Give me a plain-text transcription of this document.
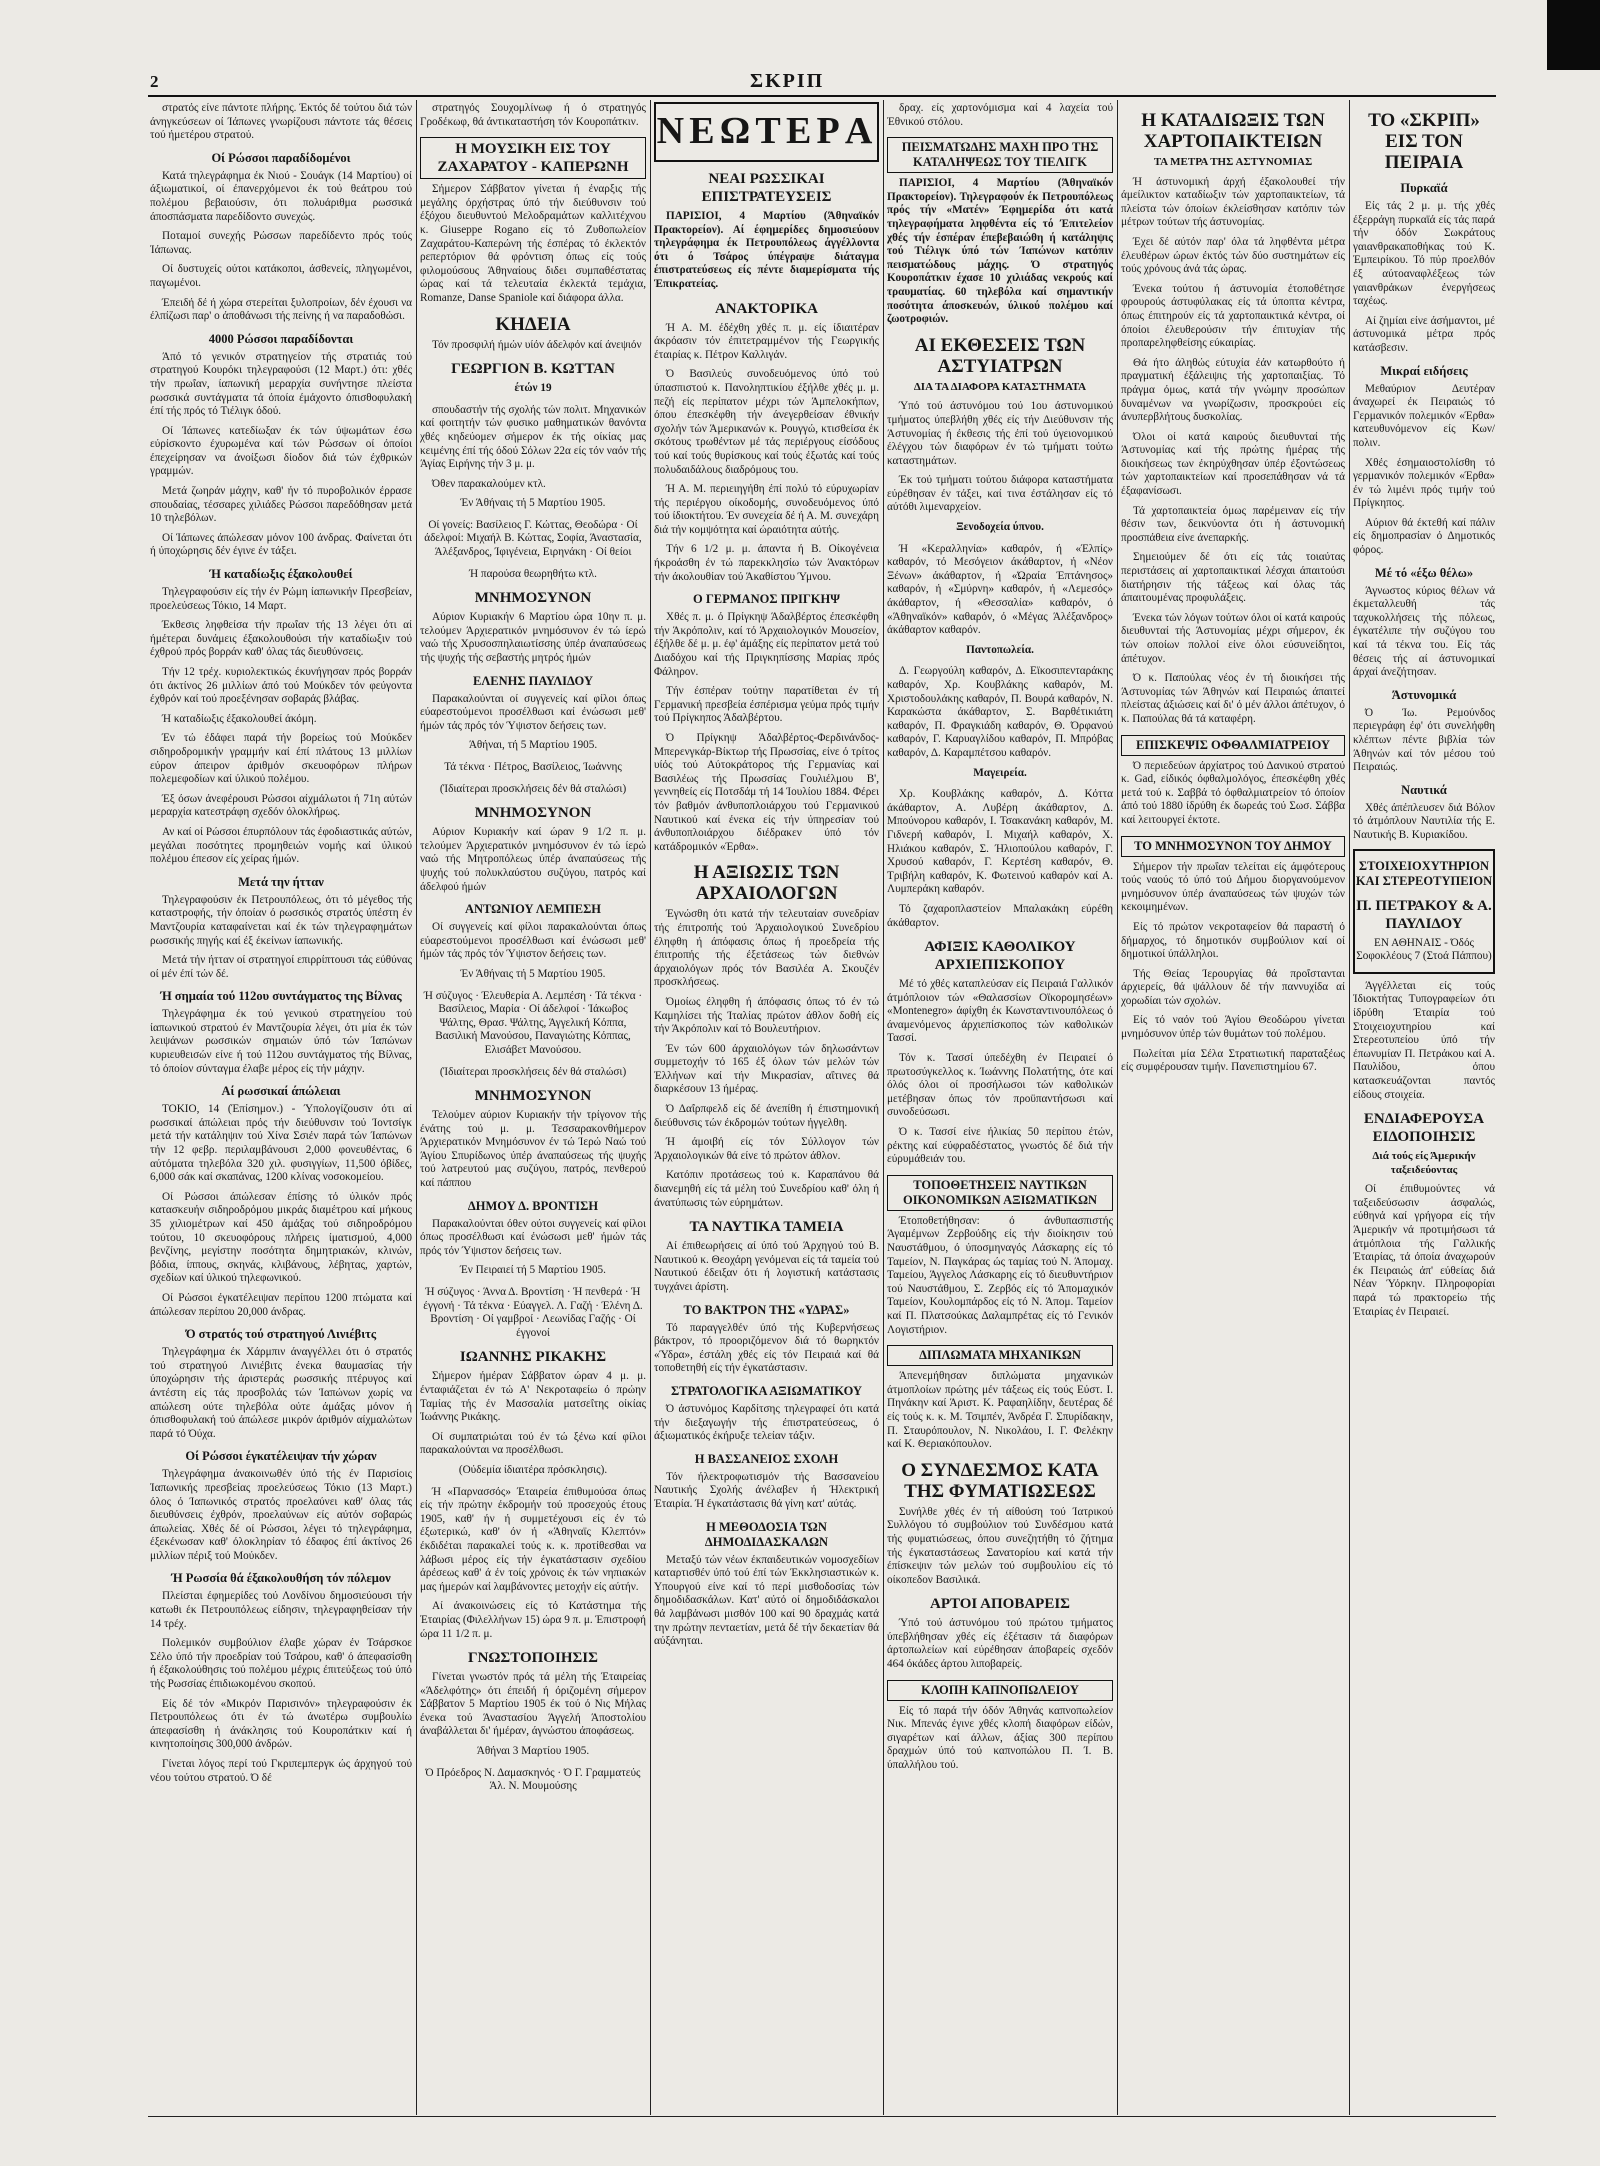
2	ΣΚΡΙΠ

στρατός είνε πάντοτε πλήρης. Έκτός δέ τούτου διά τών άνηγκεύσεων οί Ίάπωνες γνωρίζουσι πάντοτε τάς θέσεις τού ήμετέρου στρατού.

Οί Ρώσσοι παραδίδομένοι

Κατά τηλεγράφημα έκ Νιού - Σουάγκ (14 Μαρτίου) οί άξιωματικοί, οί έπανερχόμενοι έκ τού θεάτρου τού πολέμου βεβαιούσιν, ότι πολυάριθμα ρωσσικά άποσπάσματα παρεδίδοντο συνεχώς.

Ποταμοί συνεχής Ρώσσων παρεδίδεντο πρός τούς Ίάπωνας.

Οί δυστυχείς ούτοι κατάκοποι, άσθενείς, πληγωμένοι, παγωμένοι.

Έπειδή δέ ή χώρα στερείται ξυλοπροίων, δέν έχουσι να έλπίζωσι παρ' ο άποθάνωσι τής πείνης ή να παραδοθώσι.

4000 Ρώσσοι παραδίδονται

Άπό τό γενικόν στρατηγείον τής στρατιάς τού στρατηγού Κουρόκι τηλεγραφούσι (12 Μαρτ.) ότι: χθές τήν πρωΐαν, ίαπωνική μεραρχία συνήντησε πλείστα ρωσσικά συντάγματα τά όποία έμάχοντο όπισθοφυλακή έπί τής πρός τό Τιέλιγκ όδού.

Οί Ίάπωνες κατεδίωξαν έκ τών ύψωμάτων έσω εύρίσκοντο έχυρωμένα καί τών Ρώσσων οί όποίοι έπεχείρησαν να άνοίξωσι δίοδον διά τών έχθρικών γραμμών.

Μετά ζωηράν μάχην, καθ' ήν τό πυροβολικόν έρρασε σπουδαίας, τέσσαρες χιλιάδες Ρώσσοι παρεδόθησαν μετά 10 τηλεβόλων.

Οί Ίάπωνες άπώλεσαν μόνον 100 άνδρας. Φαίνεται ότι ή ύποχώρησις δέν έγινε έν τάξει.

Ή καταδίωξις έξακολουθεί

Τηλεγραφούσιν είς τήν έν Ρώμη ίαπωνικήν Πρεσβείαν, προελεύσεως Τόκιο, 14 Μαρτ.

Έκθεσις ληφθείσα τήν πρωΐαν τής 13 λέγει ότι αί ήμέτεραι δυνάμεις έξακολουθούσι τήν καταδίωξιν τού έχθρού πρός βορράν καθ' όλας τάς διευθύνσεις.

Τήν 12 τρέχ. κυριολεκτικώς έκυνήγησαν πρός βορράν ότι άκτίνος 26 μιλλίων άπό τού Μούκδεν τόν φεύγοντα έχθρόν καί τού προεξένησαν σοβαράς βλάβας.

Ή καταδίωξις έξακολουθεί άκόμη.

Έν τώ έδάφει παρά τήν βορείως τού Μούκδεν σιδηροδρομικήν γραμμήν καί έπί πλάτους 13 μιλλίων εύρον άπειρον άριθμόν σκευοφόρων πλήρων πολεμεφοδίων καί ύλικού πολέμου.

Έξ όσων άνεφέρουσι Ρώσσοι αίχμάλωτοι ή 71η αύτών μεραρχία κατεστράφη σχεδόν όλοκλήρως.

Αν καί οί Ρώσσοι έπυρπόλουν τάς έφοδιαστικάς αύτών, μεγάλαι ποσότητες προμηθειών νομής καί ύλικού πολέμου έπεσον είς χείρας ήμών.

Μετά την ήτταν

Τηλεγραφούσιν έκ Πετρουπόλεως, ότι τό μέγεθος τής καταστροφής, τήν όποίαν ό ρωσσικός στρατός ύπέστη έν Μαντζουρία καταφαίνεται καί έκ τών τηλεγραφημάτων ρωσσικής πηγής καί έξ έκείνων ίαπωνικής.

Μετά τήν ήτταν οί στρατηγοί επιρρίπτουσι τάς εύθύνας οί μέν έπί τών δέ.

Ή σημαία τού 112ου συντάγματος της Βίλνας

Τηλεγράφημα έκ τού γενικού στρατηγείου τού ίαπωνικού στρατού έν Μαντζουρία λέγει, ότι μία έκ τών λειψάνων ρωσσικών σημαιών ύπό τών Ίαπώνων κυριευθεισών είνε ή τού 112ου συντάγματος τής Βίλνας, τό όποίον σύνταγμα έλαβε μέρος είς τήν μάχην.

Αί ρωσσικαί άπώλειαι

ΤΟΚΙΟ, 14 (Έπίσημον.) - Ύπολογίζουσιν ότι αί ρωσσικαί άπώλειαι πρός τήν διεύθυνσιν τού Ίοντσίγκ μετά τήν κατάληψιν τού Χίνα Σσιέν παρά τών Ίαπώνων τήν 12 φεβρ. περιλαμβάνουσι 2,000 φονευθέντας, 6 αύτόματα τηλεβόλα 320 χιλ. φυσιγγίων, 11,500 όβίδες, 6,000 σάκ καί σκαπάνας, 1200 κλίνας νοσοκομείου.

Οί Ρώσσοι άπώλεσαν έπίσης τό ύλικόν πρός κατασκευήν σιδηροδρόμου μικράς διαμέτρου καί μήκους 35 χιλιομέτρων καί 450 άμάξας τού σιδηροδρόμου τούτου, 10 σκευοφόρους πλήρεις ίματισμού, 4,000 βενζίνης, μεγίστην ποσότητα δημητριακών, κλινών, βόδια, ίππους, σκηνάς, κλιβάνους, λέβητας, χαρτών, σχεδίων καί ύλικού τηλεφωνικού.

Οί Ρώσσοι έγκατέλειψαν περίπου 1200 πτώματα καί άπώλεσαν περίπου 20,000 άνδρας.

Ό στρατός τού στρατηγού Λινιέβιτς

Τηλεγράφημα έκ Χάρμπιν άναγγέλλει ότι ό στρατός τού στρατηγού Λινιέβιτς ένεκα θαυμασίας τήν ύποχώρησιν τής άριστεράς ρωσσικής πτέρυγος καί άντέστη είς τάς προσβολάς τών Ίαπώνων χωρίς να απώλεση ούτε τηλεβόλα ούτε άμάξας μόνον ή όπισθοφυλακή τού άπώλεσε μικρόν άριθμόν αίχμαλώτων παρά τό Όύχα.

Οί Ρώσσοι έγκατέλειψαν τήν χώραν

Τηλεγράφημα άνακοινωθέν ύπό τής έν Παρισίοις Ίαπωνικής πρεσβείας προελεύσεως Τόκιο (13 Μαρτ.) όλος ό Ίαπωνικός στρατός προελαύνει καθ' όλας τάς διευθύνσεις έχθρόν, προελαύνων είς αύτόν σοβαρώς άπωλείας. Χθές δέ οί Ρώσσοι, λέγει τό τηλεγράφημα, έξεκένωσαν καθ' όλοκληρίαν τό έδαφος έπί άκτίνος 26 μιλλίων πέριξ τού Μούκδεν.

Ή Ρωσσία θά έξακολουθήση τόν πόλεμον

Πλείσται έφημερίδες τού Λονδίνου δημοσιεύουσι τήν κατωθι έκ Πετρουπόλεως είδησιν, τηλεγραφηθείσαν τήν 14 τρέχ.

Πολεμικόν συμβούλιον έλαβε χώραν έν Τσάρσκοε Σέλο ύπό τήν προεδρίαν τού Τσάρου, καθ' ό άπεφασίσθη ή έξακολούθησις τού πολέμου μέχρις έπιτεύξεως τού ύπό τής Ρωσσίας έπιδιωκομένου σκοπού.

Είς δέ τόν «Μικρόν Παρισινόν» τηλεγραφούσιν έκ Πετρουπόλεως ότι έν τώ άνωτέρω συμβουλίω άπεφασίσθη ή άνάκλησις τού Κουροπάτκιν καί ή κινητοποίησις 300,000 άνδρών.

Γίνεται λόγος περί τού Γκριπεμπεργκ ώς άρχηγού τού νέου τούτου στρατού. Ό δέ

στρατηγός Σουχομλίνωφ ή ό στρατηγός Γροδέκωφ, θά άντικαταστήση τόν Κουροπάτκιν.

Η ΜΟΥΣΙΚΗ ΕΙΣ ΤΟΥ ΖΑΧΑΡΑΤΟΥ - ΚΑΠΕΡΩΝΗ

Σήμερον Σάββατον γίνεται ή έναρξις τής μεγάλης όρχήστρας ύπό τήν διεύθυνσιν τού έξόχου διευθυντού Μελοδραμάτων καλλιτέχνου κ. Giuseppe Rogano είς τό Ζυθοπωλείον Ζαχαράτου-Καπερώνη τής έσπέρας τό έκλεκτόν ρεπερτόριον θά φρόντιση όπως είς τούς φιλομούσους Άθηναίους διδει συμπαθέστατας ώρας καί τά τελευταία έκλεκτά τεμάχια, Romanze, Danse Spaniole καί διάφορα άλλα.

ΚΗΔΕΙΑ

Τόν προσφιλή ήμών υίόν άδελφόν καί άνεψιόν

ΓΕΩΡΓΙΟΝ Β. ΚΩΤΤΑΝ
έτών 19

σπουδαστήν τής σχολής τών πολιτ. Μηχανικών καί φοιτητήν τών φυσικο μαθηματικών θανόντα χθές κηδεύομεν σήμερον έκ τής οίκίας μας κειμένης έπί τής όδού Σόλων 22α είς τόν ναόν τής Άγίας Ειρήνης τήν 3 μ. μ.

Όθεν παρακαλούμεν κτλ.

Έν Άθήναις τή 5 Μαρτίου 1905.
Οί γονείς: Βασίλειος Γ. Κώττας, Θεοδώρα · Οί άδελφοί: Μιχαήλ Β. Κώττας, Σοφία, Άναστασία, Άλέξανδρος, Ίφιγένεια, Ειρηνάκη · Οί θείοι
Ή παρούσα θεωρηθήτω κτλ.
ΜΝΗΜΟΣΥΝΟΝ

Αύριον Κυριακήν 6 Μαρτίου ώρα 10ην π. μ. τελούμεν Άρχιερατικόν μνημόσυνον έν τώ ίερώ ναώ τής Χρυσοσπηλαιωτίσσης ύπέρ άναπαύσεως τής ψυχής τής σεβαστής μητρός ήμών

ΕΛΕΝΗΣ ΠΑΥΛΙΔΟΥ

Παρακαλούνται οί συγγενείς καί φίλοι όπως εύαρεστούμενοι προσέλθωσι καί ένώσωσι μεθ' ήμών τάς πρός τόν Ύψιστον δεήσεις των.

Άθήναι, τή 5 Μαρτίου 1905.
Τά τέκνα · Πέτρος, Βασίλειος, Ίωάννης
(Ίδιαίτεραι προσκλήσεις δέν θά σταλώσι)
ΜΝΗΜΟΣΥΝΟΝ

Αύριον Κυριακήν καί ώραν 9 1/2 π. μ. τελούμεν Άρχιερατικόν μνημόσυνον έν τώ ίερώ ναώ τής Μητροπόλεως ύπέρ άναπαύσεως τής ψυχής τού πολυκλαύστου συζύγου, πατρός καί άδελφού ήμών

ΑΝΤΩΝΙΟΥ ΛΕΜΠΕΣΗ

Οί συγγενείς καί φίλοι παρακαλούνται όπως εύαρεστούμενοι προσέλθωσι καί ένώσωσι μεθ' ήμών τάς πρός τόν Ύψιστον δεήσεις των.

Έν Άθήναις τή 5 Μαρτίου 1905.
Ή σύζυγος · Έλευθερία Α. Λεμπέση · Τά τέκνα · Βασίλειος, Μαρία · Οί άδελφοί · Ίάκωβος Ψάλτης, Θρασ. Ψάλτης, Άγγελική Κόππα, Βασιλική Μανούσου, Παναγιώτης Κόππας, Ελισάβετ Μανούσου.
(Ίδιαίτεραι προσκλήσεις δέν θά σταλώσι)
ΜΝΗΜΟΣΥΝΟΝ

Τελούμεν αύριον Κυριακήν τήν τρίγονον τής ένάτης τού μ. μ. Τεσσαρακονθήμερον Άρχιερατικόν Μνημόσυνον έν τώ Ίερώ Ναώ τού Άγίου Σπυρίδωνος ύπέρ άναπαύσεως τής ψυχής τού λατρευτού μας συζύγου, πατρός, πενθερού καί πάππου

ΔΗΜΟΥ Δ. ΒΡΟΝΤΙΣΗ

Παρακαλούνται όθεν ούτοι συγγενείς καί φίλοι όπως προσέλθωσι καί ένώσωσι μεθ' ήμών τάς πρός τόν Ύψιστον δεήσεις των.

Έν Πειραιεί τή 5 Μαρτίου 1905.
Ή σύζυγος · Άννα Δ. Βροντίση · Ή πενθερά · Ή έγγονή · Τά τέκνα · Εύαγγελ. Λ. Γαζή · Έλένη Δ. Βροντίση · Οί γαμβροί · Λεωνίδας Γαζής · Οί έγγονοί
ΙΩΑΝΝΗΣ ΡΙΚΑΚΗΣ

Σήμερον ήμέραν Σάββατον ώραν 4 μ. μ. ένταφιάζεται έν τώ Α' Νεκροταφείω ό πρώην Ταμίας τής έν Μασσαλία ματσεΐτης οίκίας Ίωάννης Ρικάκης.

Οί συμπατριώται τού έν τώ ξένω καί φίλοι παρακαλούνται να προσέλθωσι.

(Ούδεμία ίδιαιτέρα πρόσκλησις).

Ή «Παρνασσός» Έταιρεία έπιθυμούσα όπως είς τήν πρώτην έκδρομήν τού προσεχούς έτους 1905, καθ' ήν ή συμμετέχουσι είς έν τώ έξωτερικώ, καθ' όν ή «Άθηναϊς Κλεπτόν» έκδιδέται παρακαλεί τούς κ. κ. προτίθεσθαι να λάβωσι μέρος είς τήν έγκατάστασιν σχεδίου άρέσεως καθ' ά έν τοίς χρόνοις έκ τών νηπιακών μας ήμερών καί λαμβάνοντες μετοχήν είς αύτήν.

Αί άνακοινώσεις είς τό Κατάστημα τής Έταιρίας (Φιλελλήνων 15) ώρα 9 π. μ. Έπιστροφή ώρα 11 1/2 π. μ.

ΓΝΩΣΤΟΠΟΙΗΣΙΣ

Γίνεται γνωστόν πρός τά μέλη τής Έταιρείας «Άδελφότης» ότι έπειδή ή όριζομένη σήμερον Σάββατον 5 Μαρτίου 1905 έκ τού ό Νις Μήλας ένεκα τού Άναστασίου Άγγελή Άποστολίου άναβάλλεται δι' ήμέραν, άγνώστου άποφάσεως.

Άθήναι 3 Μαρτίου 1905.
Ό Πρόεδρος Ν. Δαμασκηνός · Ό Γ. Γραμματεύς Άλ. Ν. Μουμούσης
Ν Ε Ω Τ Ε Ρ Α
ΝΕΑΙ ΡΩΣΣΙΚΑΙ ΕΠΙΣΤΡΑΤΕΥΣΕΙΣ

ΠΑΡΙΣΙΟΙ, 4 Μαρτίου (Άθηναϊκόν Πρακτορείον). Αί έφημερίδες δημοσιεύουν τηλεγράφημα έκ Πετρουπόλεως άγγέλλοντα ότι ό Τσάρος ύπέγραψε διάταγμα έπιστρατεύσεως είς πέντε διαμερίσματα τής Έπικρατείας.

ΑΝΑΚΤΟΡΙΚΑ

Ή Α. Μ. έδέχθη χθές π. μ. είς ίδιαιτέραν άκρόασιν τόν έπιτετραμμένον τής Γεωργικής έταιρίας κ. Πέτρον Καλλιγάν.

Ό Βασιλεύς συνοδευόμενος ύπό τού ύπασπιστού κ. Πανοληπτικίου έξήλθε χθές μ. μ. πεζή είς περίπατον μέχρι τών Άμπελοκήπων, όπου έπεσκέφθη τήν άνεγερθείσαν έθνικήν σχολήν τών Άμερικανών κ. Ρουγγώ, κτισθείσα έκ σκότους τρωθέντων μέ τάς περιέργους είσόδους τού καί τούς θυρίσκους καί τούς έξωτάς καί τούς πολυδαιδάλους διαδρόμους του.

Ή Α. Μ. περιειηγήθη έπί πολύ τό εύρυχωρίαν τής περιέργου οίκοδομής, συνοδευόμενος ύπό τού ίδιοκτήτου. Έν συνεχεία δέ ή Α. Μ. συνεχάρη διά τήν κομψότητα καί ώραιότητα αύτής.

Τήν 6 1/2 μ. μ. άπαντα ή Β. Οίκογένεια ήκροάσθη έν τώ παρεκκλησίω τών Άνακτόρων τήν άκολουθίαν τού Άκαθίστου Ύμνου.

Ο ΓΕΡΜΑΝΟΣ ΠΡΙΓΚΗΨ

Χθές π. μ. ό Πρίγκηψ Άδαλβέρτος έπεσκέφθη τήν Άκρόπολιν, καί τό Άρχαιολογικόν Μουσείον, έξήλθε δέ μ. μ. έφ' άμάξης είς περίπατον μετά τού Διαδόχου καί τής Πριγκηπίσσης Μαρίας πρός Φάληρον.

Τήν έσπέραν τούτην παρατίθεται έν τή Γερμανική πρεσβεία έσπέρισμα γεύμα πρός τιμήν τού Πρίγκηπος Άδαλβέρτου.

Ό Πρίγκηψ Άδαλβέρτος-Φερδινάνδος-Μπερενγκάρ-Βίκτωρ τής Πρωσσίας, είνε ό τρίτος υίός τού Αύτοκράτορος τής Γερμανίας καί Βασιλέως τής Πρωσσίας Γουλιέλμου Β', γεννηθείς είς Ποτσδάμ τή 14 Ίουλίου 1884. Φέρει τόν βαθμόν άνθυποπλοιάρχου τού Γερμανικού Ναυτικού καί ένεκα είς τήν ύπηρεσίαν τού άνθυποπλοιάρχου διέδρακεν ύπό τόν κατάδρομικόν «Έρθα».

Η ΑΞΙΩΣΙΣ ΤΩΝ ΑΡΧΑΙΟΛΟΓΩΝ

Έγνώσθη ότι κατά τήν τελευταίαν συνεδρίαν τής έπιτροπής τού Άρχαιολογικού Συνεδρίου έληφθη ή άπόφασις όπως ή προεδρεία τής έπιτροπής τής έξετάσεως τών διεθνών άρχαιολόγων πρός τόν Βασιλέα Α. Σκουζέν προσκλήσεως.

Όμοίως έληφθη ή άπόφασις όπως τό έν τώ Καμηλίσει τής Ίταλίας πρώτον άθλον δοθή είς τήν Άκρόπολιν καί τό Βουλευτήριον.

Έν τών 600 άρχαιολόγων τών δηλωσάντων συμμετοχήν τό 165 έξ όλων τών μελών τών Έλλήνων καί τήν Μικρασίαν, αΐτινες θά διαρκέσουν 13 ήμέρας.

Ό Δαΐρπφελδ είς δέ άνεπίθη ή έπιστημονική διεύθυνσις τών έκδρομών τούτων ήγγελθη.

Ή άμοιβή είς τόν Σύλλογον τών Άρχαιολογικών θά είνε τό πρώτον άθλον.

Κατόπιν προτάσεως τού κ. Καραπάνου θά διανεμηθή είς τά μέλη τού Συνεδρίου καθ' όλη ή άνατύπωσις τών εύρημάτων.

ΤΑ ΝΑΥΤΙΚΑ ΤΑΜΕΙΑ

Αί έπιθεωρήσεις αί ύπό τού Άρχηγού τού Β. Ναυτικού κ. Θεοχάρη γενόμεναι είς τά ταμεία τού Ναυτικού έδειξαν ότι ή λογιστική κατάστασις τυγχάνει άρίστη.

ΤΟ ΒΑΚΤΡΟΝ ΤΗΣ «ΥΔΡΑΣ»

Τό παραγγελθέν ύπό τής Κυβερνήσεως βάκτρον, τό προοριζόμενον διά τό θωρηκτόν «Ύδρα», έστάλη χθές είς τόν Πειραιά καί θά τοποθετηθή είς τήν έγκατάστασιν.

ΣΤΡΑΤΟΛΟΓΙΚΑ ΑΞΙΩΜΑΤΙΚΟΥ

Ό άστυνόμος Καρδίτσης τηλεγραφεί ότι κατά τήν διεξαγωγήν τής έπιστρατεύσεως, ό άξιωματικός έκήρυξε τελείαν τάξιν.

Η ΒΑΣΣΑΝΕΙΟΣ ΣΧΟΛΗ

Τόν ήλεκτροφωτισμόν τής Βασσανείου Ναυτικής Σχολής άνέλαβεν ή Ήλεκτρική Έταιρία. Ή έγκατάστασις θά γίνη κατ' αύτάς.

Η ΜΕΘΟΔΟΣΙΑ ΤΩΝ ΔΗΜΟΔΙΔΑΣΚΑΛΩΝ

Μεταξύ τών νέων έκπαιδευτικών νομοσχεδίων καταρτισθέν ύπό τού έπί τών Έκκλησιαστικών κ. Υπουργού είνε καί τό περί μισθοδοσίας τών δημοδιδασκάλων. Κατ' αύτό οί δημοδιδάσκαλοι θά λαμβάνωσι μισθόν 100 καί 90 δραχμάς κατά την πρώτην πενταετίαν, μετά δέ τήν δεκαετίαν θά αύξάνηται.

δραχ. είς χαρτονόμισμα καί 4 λαχεία τού Έθνικού στόλου.

ΠΕΙΣΜΑΤΩΔΗΣ ΜΑΧΗ ΠΡΟ ΤΗΣ ΚΑΤΑΛΗΨΕΩΣ ΤΟΥ ΤΙΕΛΙΓΚ

ΠΑΡΙΣΙΟΙ, 4 Μαρτίου (Άθηναϊκόν Πρακτορείον). Τηλεγραφούν έκ Πετρουπόλεως πρός τήν «Ματέν» Έφημερίδα ότι κατά τηλεγραφήματα ληφθέντα είς τό Έπιτελείον χθές τήν έσπέραν έπεβεβαιώθη ή κατάληψις τού Τιέλιγκ ύπό τών Ίαπώνων κατόπιν πεισματώδους μάχης. Ό στρατηγός Κουροπάτκιν έχασε 10 χιλιάδας νεκρούς καί τραυματίας. 60 τηλεβόλα καί σημαντικήν ποσότητα άποσκευών, ύλικού πολέμου καί ζωοτροφιών.

ΑΙ ΕΚΘΕΣΕΙΣ ΤΩΝ ΑΣΤΥΙΑΤΡΩΝ
ΔΙΑ ΤΑ ΔΙΑΦΟΡΑ ΚΑΤΑΣΤΗΜΑΤΑ

Ύπό τού άστυνόμου τού 1ου άστυνομικού τμήματος ύπεβλήθη χθές είς τήν Διεύθυνσιν τής Άστυνομίας ή έκθεσις τής έπί τού ύγειονομικού έλέγχου τών διαφόρων έν τώ τμήματι τούτω καταστημάτων.

Έκ τού τμήματι τούτου διάφορα καταστήματα εύρέθησαν έν τάξει, καί τινα έστάλησαν είς τό αύτόθι λιμεναρχείον.

Ξενοδοχεία ύπνου.

Ή «Κεραλληνία» καθαρόν, ή «Έλπίς» καθαρόν, τό Μεσόγειον άκάθαρτον, ή «Νέον Ξένων» άκάθαρτον, ή «Ώραία Έπτάνησος» καθαρόν, ή «Σμύρνη» καθαρόν, ή «Λεμεσός» άκάθαρτον, ή «Θεσσαλία» καθαρόν, ό «Άθηναϊκόν» καθαρόν, ό «Μέγας Άλέξανδρος» άκάθαρτον καθαρόν.

Παντοπωλεία.

Δ. Γεωργούλη καθαρόν, Δ. Εϊκοσιπενταράκης καθαρόν, Χρ. Κουβλάκης καθαρόν, Μ. Χριστοδουλάκης καθαρόν, Π. Βουρά καθαρόν, Ν. Καρακώστα άκάθαρτον, Σ. Βαρθέτικιάτη καθαρόν, Π. Φραγκιάδη καθαρόν, Θ. Όρφανού καθαρόν, Γ. Καρυαγλίδου καθαρόν, Π. Μπρόβας καθαρόν, Δ. Καραμπέτσου καθαρόν.

Μαγειρεία.

Χρ. Κουβλάκης καθαρόν, Δ. Κόττα άκάθαρτον, Α. Λυβέρη άκάθαρτον, Δ. Μπούνορου καθαρόν, Ι. Τσακανάκη καθαρόν, Μ. Γιδνερή καθαρόν, Ι. Μιχαήλ καθαρόν, Χ. Ηλιάκου καθαρόν, Σ. Ήλιοπούλου καθαρόν, Γ. Χρυσού καθαρόν, Γ. Κερτέση καθαρόν, Θ. Τριβήλη καθαρόν, Κ. Φωτεινού καθαρόν καί Α. Λυμπεράκη καθαρόν.

Τό ζαχαροπλαστείον Μπαλακάκη εύρέθη άκάθαρτον.

ΑΦΙΞΙΣ ΚΑΘΟΛΙΚΟΥ ΑΡΧΙΕΠΙΣΚΟΠΟΥ

Μέ τό χθές καταπλεύσαν είς Πειραιά Γαλλικόν άτμόπλοιον τών «Θαλασσίων Οϊκορομησέων» «Montenegro» άφίχθη έκ Κωνσταντινουπόλεως ό άναμενόμενος άρχιεπίσκοπος τών καθολικών Τασσί.

Τόν κ. Τασσί ύπεδέχθη έν Πειραιεί ό πρωτοσύγκελλος κ. Ίωάννης Πολατήτης, ότε καί όλός όλοι οί προσήλωσοι τών καθολικών μετέβησαν όπως τόν προϋπαντήσωσι καί συνοδεύσωσι.

Ό κ. Τασσί είνε ήλικίας 50 περίπου έτών, ρέκτης καί εύφραδέστατος, γνωστός δέ διά τήν εύρυμάθειάν του.

ΤΟΠΟΘΕΤΗΣΕΙΣ ΝΑΥΤΙΚΩΝ ΟΙΚΟΝΟΜΙΚΩΝ ΑΞΙΩΜΑΤΙΚΩΝ

Έτοποθετήθησαν: ό άνθυπασπιστής Άγαμέμνων Ζερβούδης είς τήν διοίκησιν τού Ναυστάθμου, ό ύποσμηναγός Λάσκαρης είς τό Ταμείον, Ν. Παγκάρας ώς ταμίας τού Ν. Άπομαχ. Ταμείου, Άγγελος Λάσκαρης είς τό διευθυντήριον τού Ναυστάθμου, Σ. Ζερβός είς τό Άπομαχικόν Ταμείον, Κουλομπάρδος είς τό Ν. Άπομ. Ταμείον καί Π. Πλατσούκας Δαλαμπρέτας είς τό Γενικόν Λογιστήριον.

ΔΙΠΛΩΜΑΤΑ ΜΗΧΑΝΙΚΩΝ

Άπενεμήθησαν διπλώματα μηχανικών άτμοπλοίων πρώτης μέν τάξεως είς τούς Εύστ. Ι. Πηνάκην καί Άριστ. Κ. Ραφαηλίδην, δευτέρας δέ είς τούς κ. κ. Μ. Τσιμπέν, Άνδρέα Γ. Σπυρίδακην, Π. Σταυρόπουλον, Ν. Νικολάου, Ι. Γ. Φελέκην καί Κ. Θεριακόπουλον.

Ο ΣΥΝΔΕΣΜΟΣ ΚΑΤΑ ΤΗΣ ΦΥΜΑΤΙΩΣΕΩΣ

Συνήλθε χθές έν τή αίθούση τού Ίατρικού Συλλόγου τό συμβούλιον τού Συνδέσμου κατά τής φυματιώσεως, όπου συνεζητήθη τό ζήτημα τής έγκαταστάσεως Σανατορίου καί κατά τήν έπίσκεψιν τών μελών τού συμβουλίου είς τό οίκοπεδον Βασιλικά.

ΑΡΤΟΙ ΑΠΟΒΑΡΕΙΣ

Ύπό τού άστυνόμου τού πρώτου τμήματος ύπεβλήθησαν χθές είς έξέτασιν τά διαφόρων άρτοπωλείων καί εύρέθησαν άποβαρείς σχεδόν 464 όκάδες άρτου λιποβαρείς.

ΚΛΟΠΗ ΚΑΠΝΟΠΩΛΕΙΟΥ

Είς τό παρά τήν όδόν Άθηνάς καπνοπωλείον Νικ. Μπενάς έγινε χθές κλοπή διαφόρων είδών, σιγαρέτων καί άλλων, άξίας 300 περίπου δραχμών ύπό τού καπνοπώλου Π. Ί. Β. ύπαλλήλου τού.

Η ΚΑΤΑΔΙΩΞΙΣ ΤΩΝ ΧΑΡΤΟΠΑΙΚΤΕΙΩΝ
ΤΑ ΜΕΤΡΑ ΤΗΣ ΑΣΤΥΝΟΜΙΑΣ

Ή άστυνομική άρχή έξακολουθεί τήν άμείλικτον καταδίωξιν τών χαρτοπαικτείων, τά πλείστα τών όποίων έκλείσθησαν κατόπιν τών μέτρων τούτων τής άστυνομίας.

Έχει δέ αύτόν παρ' όλα τά ληφθέντα μέτρα έλευθέρων ώρων έκτός τών δύο συστημάτων είς τούς χρόνους άνά τάς ώρας.

Ένεκα τούτου ή άστυνομία έτοποθέτησε φρουρούς άστυφύλακας είς τά ύποπτα κέντρα, όπως έπιτηρούν είς τά χαρτοπαικτικά κέντρα, οί όποίοι έλευθερούσιν τήν έπιτυχίαν τής προπαρεληφθείσης εύκαιρίας.

Θά ήτο άληθώς εύτυχία έάν κατωρθούτο ή πραγματική έξάλειψις τής χαρτοπαιξίας. Τό πράγμα όμως, κατά τήν γνώμην προσώπων δυναμένων να γνωρίζωσιν, προσκρούει είς άνυπερβλήτους δυσκολίας.

Όλοι οί κατά καιρούς διευθυνταί τής Άστυνομίας καί τής πρώτης ήμέρας τής διοικήσεως των έκηρύχθησαν ύπέρ έξοντώσεως τών χαρτοπαικτείων καί προσεπάθησαν νά τά έξαφανίσωσι.

Τά χαρτοπαικτεία όμως παρέμειναν είς τήν θέσιν των, δεικνύοντα ότι ή άστυνομική προσπάθεια είνε άνεπαρκής.

Σημειούμεν δέ ότι είς τάς τοιαύτας περιστάσεις αί χαρτοπαικτικαί λέσχαι άπαιτούσι διατήρησιν τής τάξεως καί όλας τάς άπαιτουμένας προφυλάξεις.

Ένεκα τών λόγων τούτων όλοι οί κατά καιρούς διευθυνταί τής Άστυνομίας μέχρι σήμερον, έκ τών οποίων πολλοί είνε όλοι εύσυνείδητοι, άπέτυχον.

Ό κ. Παπούλας νέος έν τή διοικήσει τής Άστυνομίας τών Άθηνών καί Πειραιώς άπαιτεί πλείστας άξιώσεις καί δι' ό μέν άλλοι άπέτυχον, ό κ. Παπούλας θά τά καταφέρη.

ΕΠΙΣΚΕΨΙΣ ΟΦΘΑΛΜΙΑΤΡΕΙΟΥ

Ό περιεδεύων άρχίατρος τού Δανικού στρατού κ. Gad, είδικός όφθαλμολόγος, έπεσκέφθη χθές μετά τού κ. Σαββά τό όφθαλμιατρείον τό όποίον άπό τού 1880 ίδρύθη έκ δωρεάς τού Σωσ. Σάββα καί λειτουργεί έκτοτε.

ΤΟ ΜΝΗΜΟΣΥΝΟΝ ΤΟΥ ΔΗΜΟΥ

Σήμερον τήν πρωΐαν τελείται είς άμφότερους τούς ναούς τό ύπό τού Δήμου διοργανούμενον μνημόσυνον ύπέρ άναπαύσεως τών ψυχών τών κεκοιμημένων.

Είς τό πρώτον νεκροταφείον θά παραστή ό δήμαρχος, τό δημοτικόν συμβούλιον καί οί δημοτικοί ύπάλληλοι.

Τής Θείας Ίερουργίας θά προΐστανται άρχιερείς, θά ψάλλουν δέ τήν παννυχίδα αί χορωδίαι τών σχολών.

Είς τό ναόν τού Άγίου Θεοδώρου γίνεται μνημόσυνον ύπέρ τών θυμάτων τού πολέμου.

Πωλείται μία Σέλα Στρατιωτική παραταξέως είς συμφέρουσαν τιμήν. Πανεπιστημίου 67.

ΤΟ «ΣΚΡΙΠ» ΕΙΣ ΤΟΝ ΠΕΙΡΑΙΑ
Πυρκαϊά

Είς τάς 2 μ. μ. τής χθές έξερράγη πυρκαϊά είς τάς παρά τήν όδόν Σωκράτους γαιανθρακαποθήκας τού Κ. Έμπειρίκου. Τό πύρ προελθόν έξ αύτοαναφλέξεως τών γαιανθράκων ένεργήσεως ταχέως.

Αί ζημίαι είνε άσήμαντοι, μέ άστυνομικά μέτρα πρός κατάσβεσιν.

Μικραί ειδήσεις

Μεθαύριον Δευτέραν άναχωρεί έκ Πειραιώς τό Γερμανικόν πολεμικόν «Έρθα» κατευθυνόμενον είς Κων/πολιν.

Χθές έσημαιοστολίσθη τό γερμανικόν πολεμικόν «Έρθα» έν τώ λιμένι πρός τιμήν τού Πρίγκηπος.

Αύριον θά έκτεθή καί πάλιν είς δημοπρασίαν ό Δημοτικός φόρος.

Μέ τό «έξω θέλω»

Άγνωστος κύριος θέλων νά έκμεταλλευθή τάς ταχυκολλήσεις τής πόλεως, έγκατέλιπε τήν συζύγου του καί τά τέκνα του. Είς τάς θέσεις τής αί άστυνομικαί άρχαί άνεζήτησαν.

Άστυνομικά

Ό Ίω. Ρεμούνδος περιεγράφη έφ' ότι συνελήφθη κλέπτων πέντε βιβλία τών Άθηνών καί τόν μέσου τού Πειραιώς.

Ναυτικά

Χθές άπέπλευσεν διά Βόλον τό άτμόπλουν Ναυτιλία τής Ε. Ναυτικής Β. Κυριακίδου.

ΣΤΟΙΧΕΙΟΧΥΤΗΡΙΟΝ ΚΑΙ ΣΤΕΡΕΟΤΥΠΕΙΟΝ
Π. ΠΕΤΡΑΚΟΥ & Α. ΠΑΥΛΙΔΟΥ
ΕΝ ΑΘΗΝΑΙΣ - Όδός Σοφοκλέους 7 (Στοά Πάππου)

Άγγέλλεται είς τούς Ίδιοκτήτας Τυπογραφείων ότι ίδρύθη Έταιρία τού Στοιχειοχυτηρίου καί Στερεοτυπείου ύπό τήν έπωνυμίαν Π. Πετράκου καί Α. Παυλίδου, όπου κατασκευάζονται παντός είδους στοιχεία.

ΕΝΔΙΑΦΕΡΟΥΣΑ ΕΙΔΟΠΟΙΗΣΙΣ
Διά τούς είς Άμερικήν ταξειδεύοντας

Οί έπιθυμούντες νά ταξειδεύσωσιν άσφαλώς, εύθηνά καί γρήγορα είς τήν Άμερικήν νά προτιμήσωσι τά άτμόπλοια τής Γαλλικής Έταιρίας, τά όποία άναχωρούν έκ Πειραιώς άπ' εύθείας διά Νέαν Ύόρκην. Πληροφορίαι παρά τώ πρακτορείω τής Έταιρίας έν Πειραιεί.
